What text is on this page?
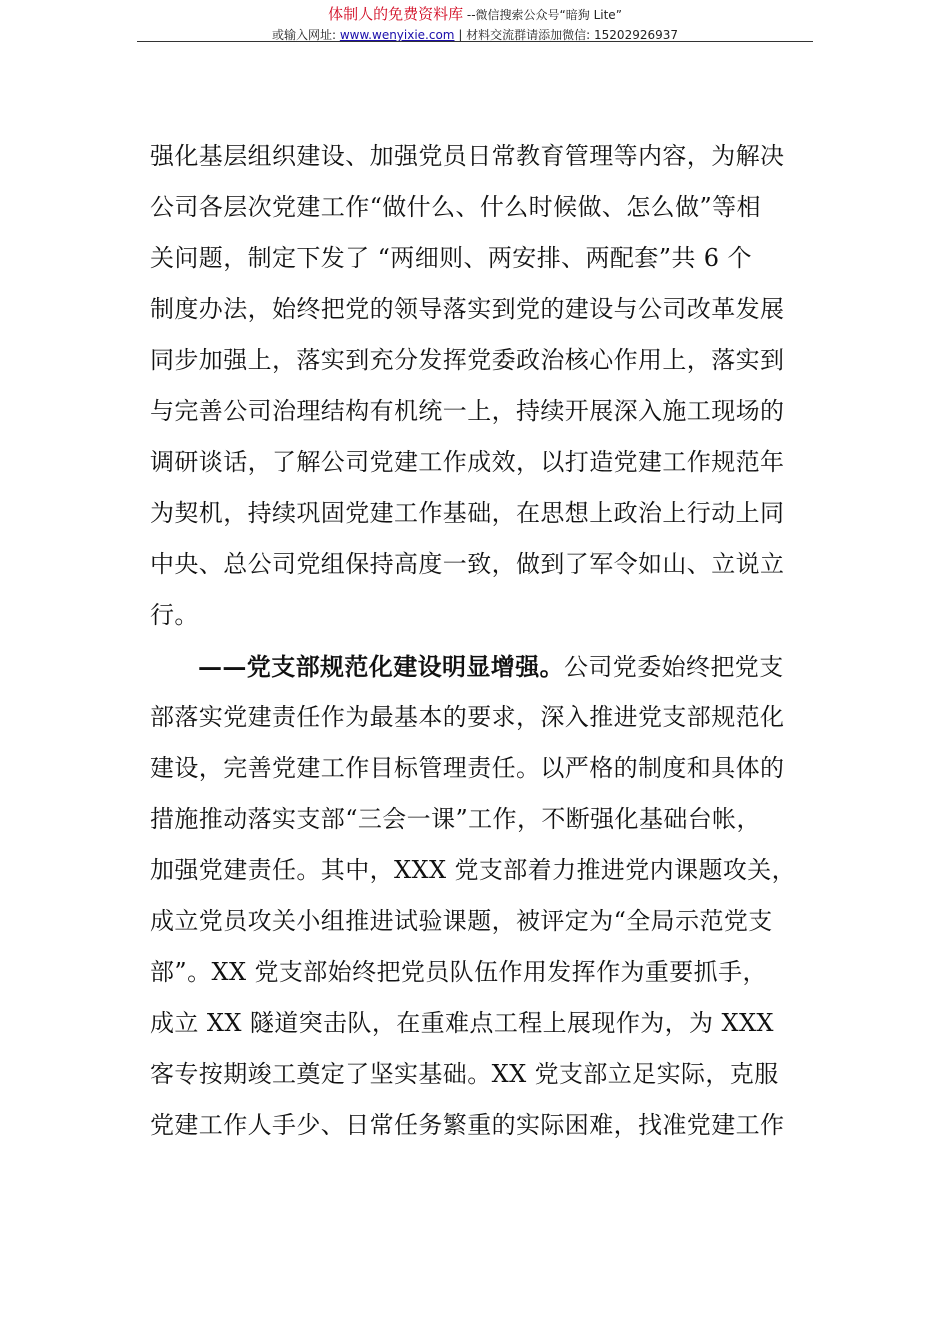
体制人的免费资料库 --微信搜索公众号“暗狗 Lite”
或输入网址: www.wenyixie.com | 材料交流群请添加微信: 15202926937
强化基层组织建设、加强党员日常教育管理等内容，为解决
公司各层次党建工作“做什么、什么时候做、怎么做”等相
关问题，制定下发了 “两细则、两安排、两配套”共 6 个
制度办法，始终把党的领导落实到党的建设与公司改革发展
同步加强上，落实到充分发挥党委政治核心作用上，落实到
与完善公司治理结构有机统一上，持续开展深入施工现场的
调研谈话，了解公司党建工作成效，以打造党建工作规范年
为契机，持续巩固党建工作基础，在思想上政治上行动上同
中央、总公司党组保持高度一致，做到了军令如山、立说立
行。
——党支部规范化建设明显增强。公司党委始终把党支
部落实党建责任作为最基本的要求，深入推进党支部规范化
建设，完善党建工作目标管理责任。以严格的制度和具体的
措施推动落实支部“三会一课”工作，不断强化基础台帐，
加强党建责任。其中，XXX 党支部着力推进党内课题攻关，
成立党员攻关小组推进试验课题，被评定为“全局示范党支
部”。XX 党支部始终把党员队伍作用发挥作为重要抓手，
成立 XX 隧道突击队，在重难点工程上展现作为，为 XXX
客专按期竣工奠定了坚实基础。XX 党支部立足实际，克服
党建工作人手少、日常任务繁重的实际困难，找准党建工作
